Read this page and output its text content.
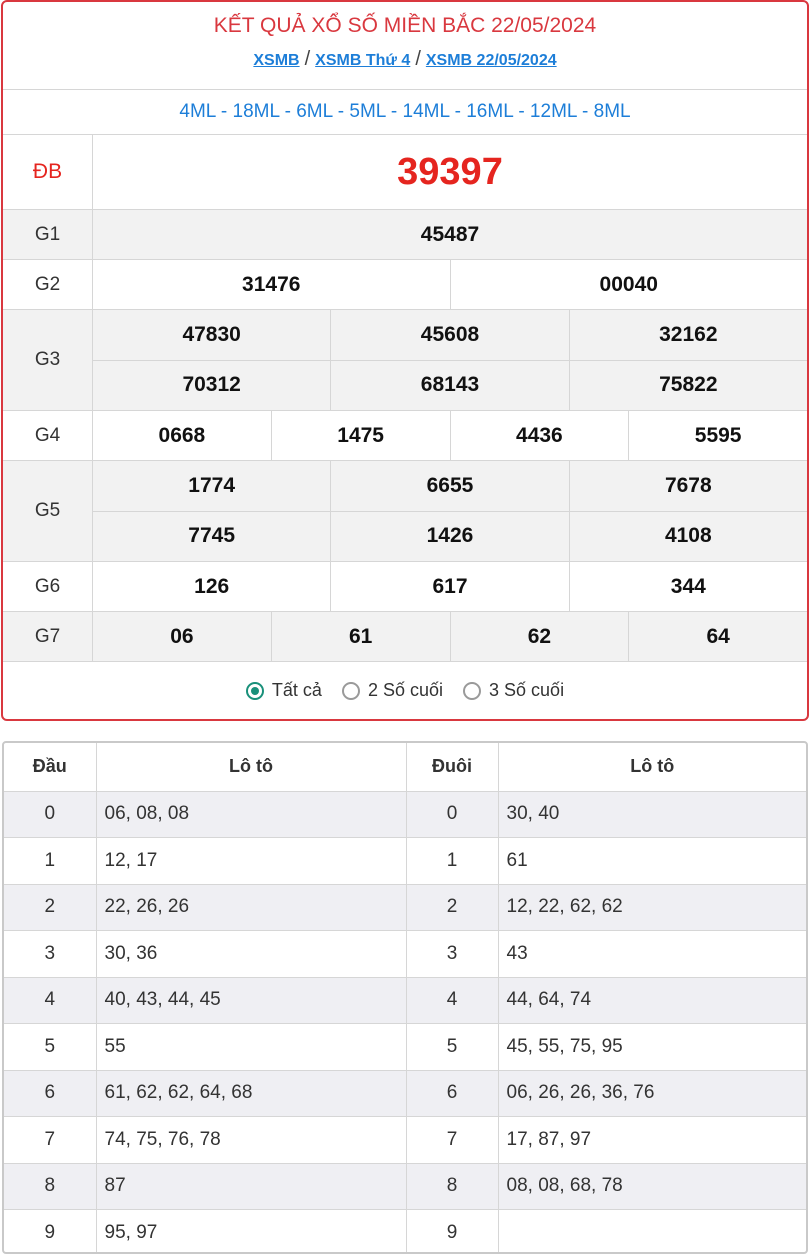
KẾT QUẢ XỔ SỐ MIỀN BẮC 22/05/2024
XSMB / XSMB Thứ 4 / XSMB 22/05/2024
4ML - 18ML - 6ML - 5ML - 14ML - 16ML - 12ML - 8ML
ĐB	39397
G1	45487
G2	31476	00040
G3
47830	45608	32162
70312	68143	75822
G4	0668	1475	4436	5595
G5
1774	6655	7678
7745	1426	4108
G6	126	617	344
G7	06	61	62	64
Tất cả	2 Số cuối	3 Số cuối
Đầu	Lô tô	Đuôi	Lô tô
0	06, 08, 08	0	30, 40
1	12, 17	1	61
2	22, 26, 26	2	12, 22, 62, 62
3	30, 36	3	43
4	40, 43, 44, 45	4	44, 64, 74
5	55	5	45, 55, 75, 95
6	61, 62, 62, 64, 68	6	06, 26, 26, 36, 76
7	74, 75, 76, 78	7	17, 87, 97
8	87	8	08, 08, 68, 78
9	95, 97	9	
